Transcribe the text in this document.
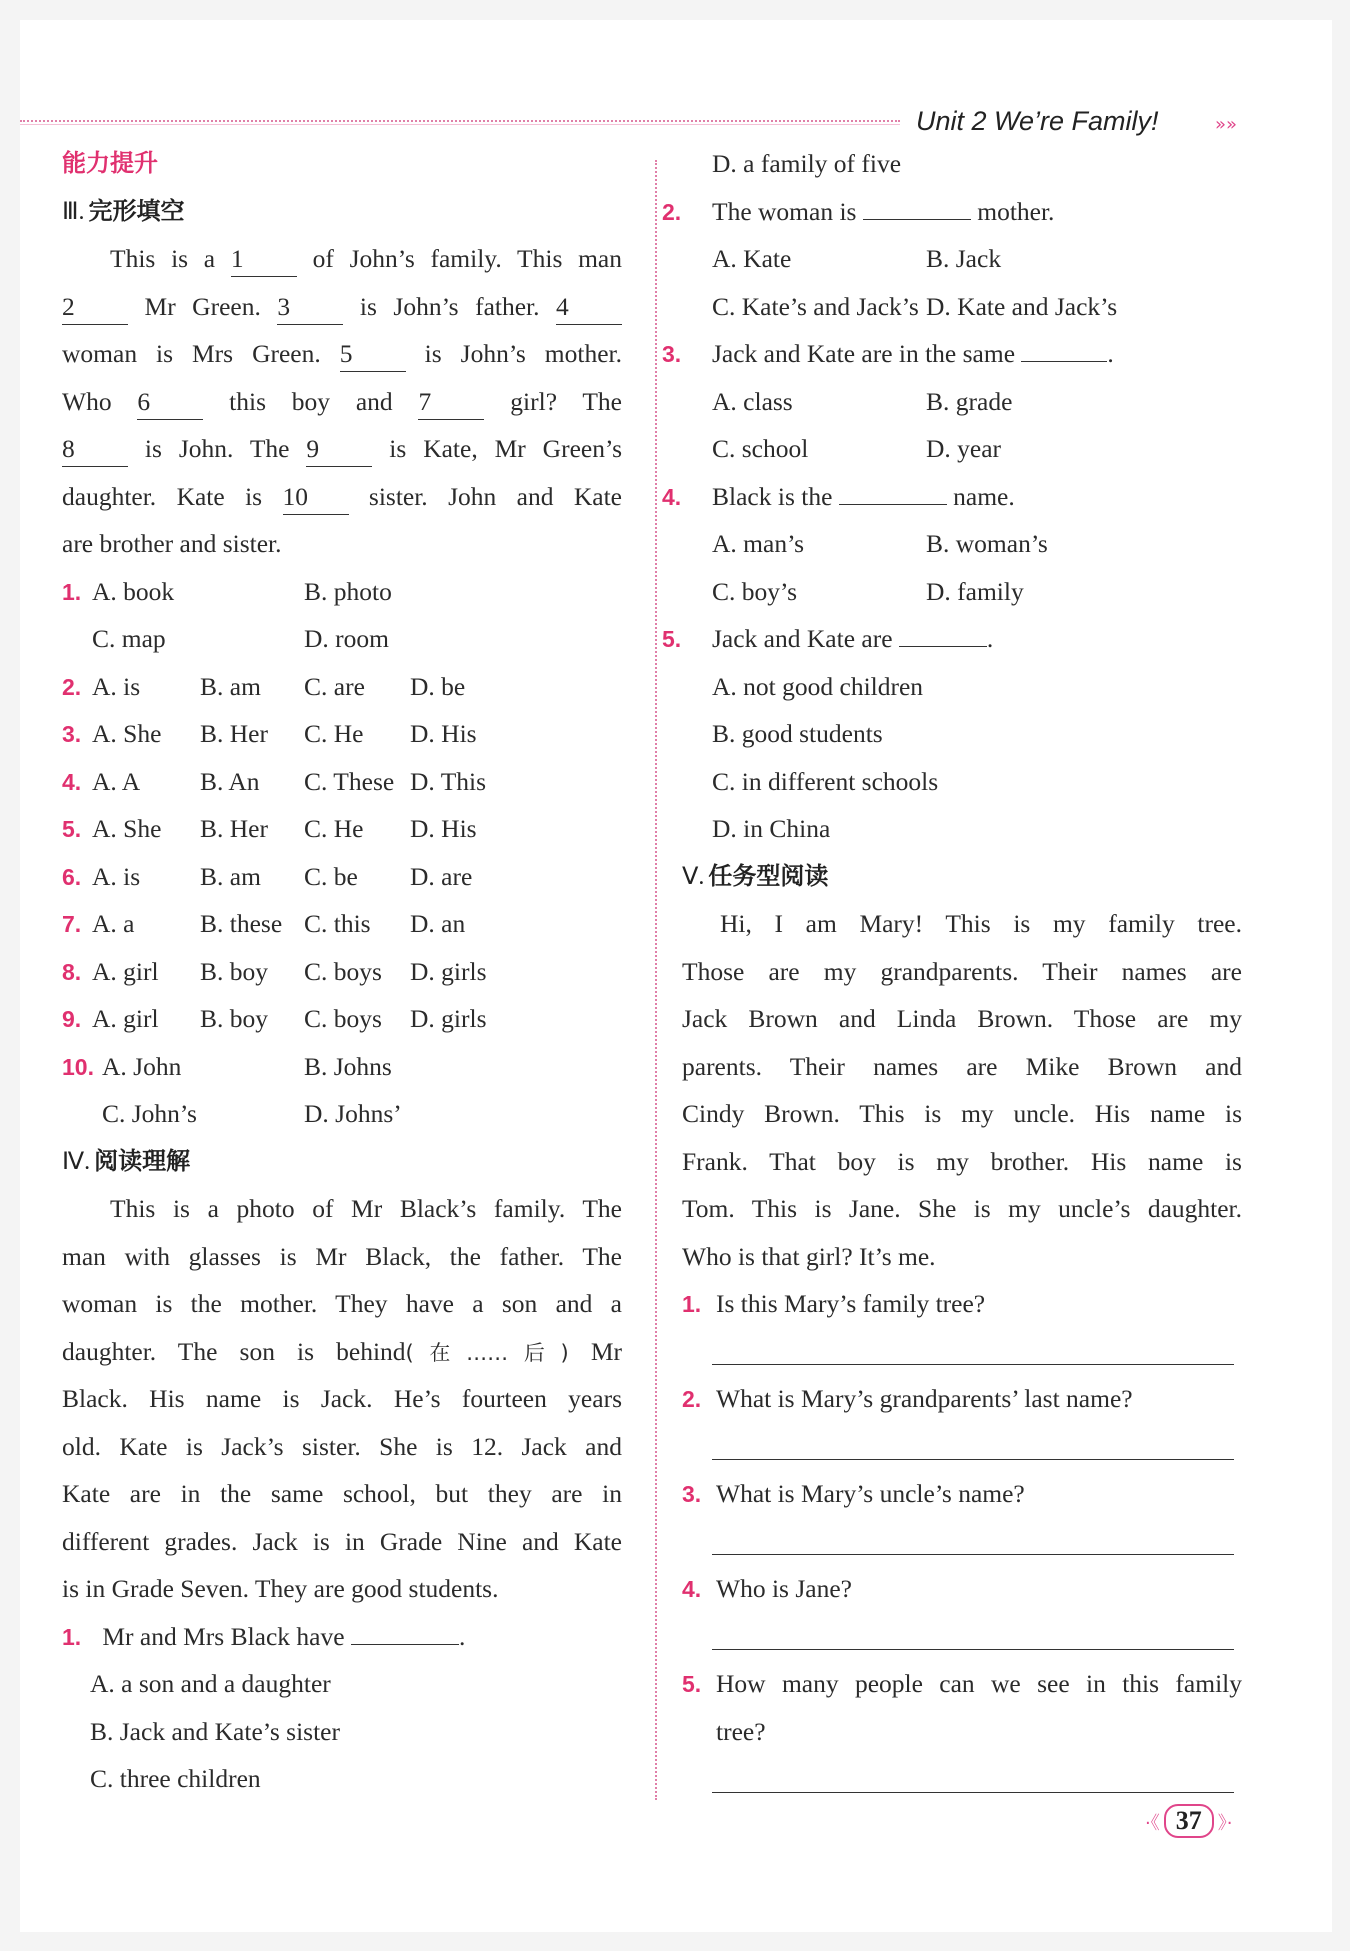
Unit 2 We’re Family!	»»
能力提升
Ⅲ. 完形填空
This is a 1	of John’s family. This man
2	Mr Green. 3	is John’s father. 4
woman is Mrs Green. 5	is John’s mother.
Who 6	this boy and 7	girl? The
8	is John. The 9	is Kate, Mr Green’s
daughter. Kate is 10 sister. John and Kate
are brother and sister.
1. A. book	B. photo
C. map	D. room
2. A. is B. am C. are D. be
3. A. She B. Her C. He D. His
4. A. A B. An C. These D. This
5. A. She B. Her C. He D. His
6. A. is B. am C. be D. are
7. A. a	B. these C. this D. an
8. A. girl B. boy C. boys D. girls
9. A. girl B. boy C. boys D. girls
10. A. John	B. Johns
C. John’s	D. Johns’
Ⅳ. 阅读理解
This is a photo of Mr Black’s family. The
man with glasses is Mr Black, the father. The
woman is the mother. They have a son and a
daughter. The son is behind(在……后) Mr
Black. His name is Jack. He’s fourteen years
old. Kate is Jack’s sister. She is 12. Jack and
Kate are in the same school, but they are in
different grades. Jack is in Grade Nine and Kate
is in Grade Seven. They are good students.
1. Mr and Mrs Black have	.
A. a son and a daughter
B. Jack and Kate’s sister
C. three children
D. a family of five
2. The woman is	mother.
A. Kate	B. Jack
C. Kate’s and Jack’s D. Kate and Jack’s
3. Jack and Kate are in the same	.
A. class	B. grade
C. school	D. year
4. Black is the	name.
A. man’s	B. woman’s
C. boy’s	D. family
5. Jack and Kate are	.
A. not good children
B. good students
C. in different schools
D. in China
Ⅴ. 任务型阅读
Hi, I am Mary! This is my family tree.
Those are my grandparents. Their names are
Jack Brown and Linda Brown. Those are my
parents. Their names are Mike Brown and
Cindy Brown. This is my uncle. His name is
Frank. That boy is my brother. His name is
Tom. This is Jane. She is my uncle’s daughter.
Who is that girl? It’s me.
1. Is this Mary’s family tree?
2. What is Mary’s grandparents’ last name?
3. What is Mary’s uncle’s name?
4. Who is Jane?
5. How many people can we see in this family
tree?
·《 37 》·
